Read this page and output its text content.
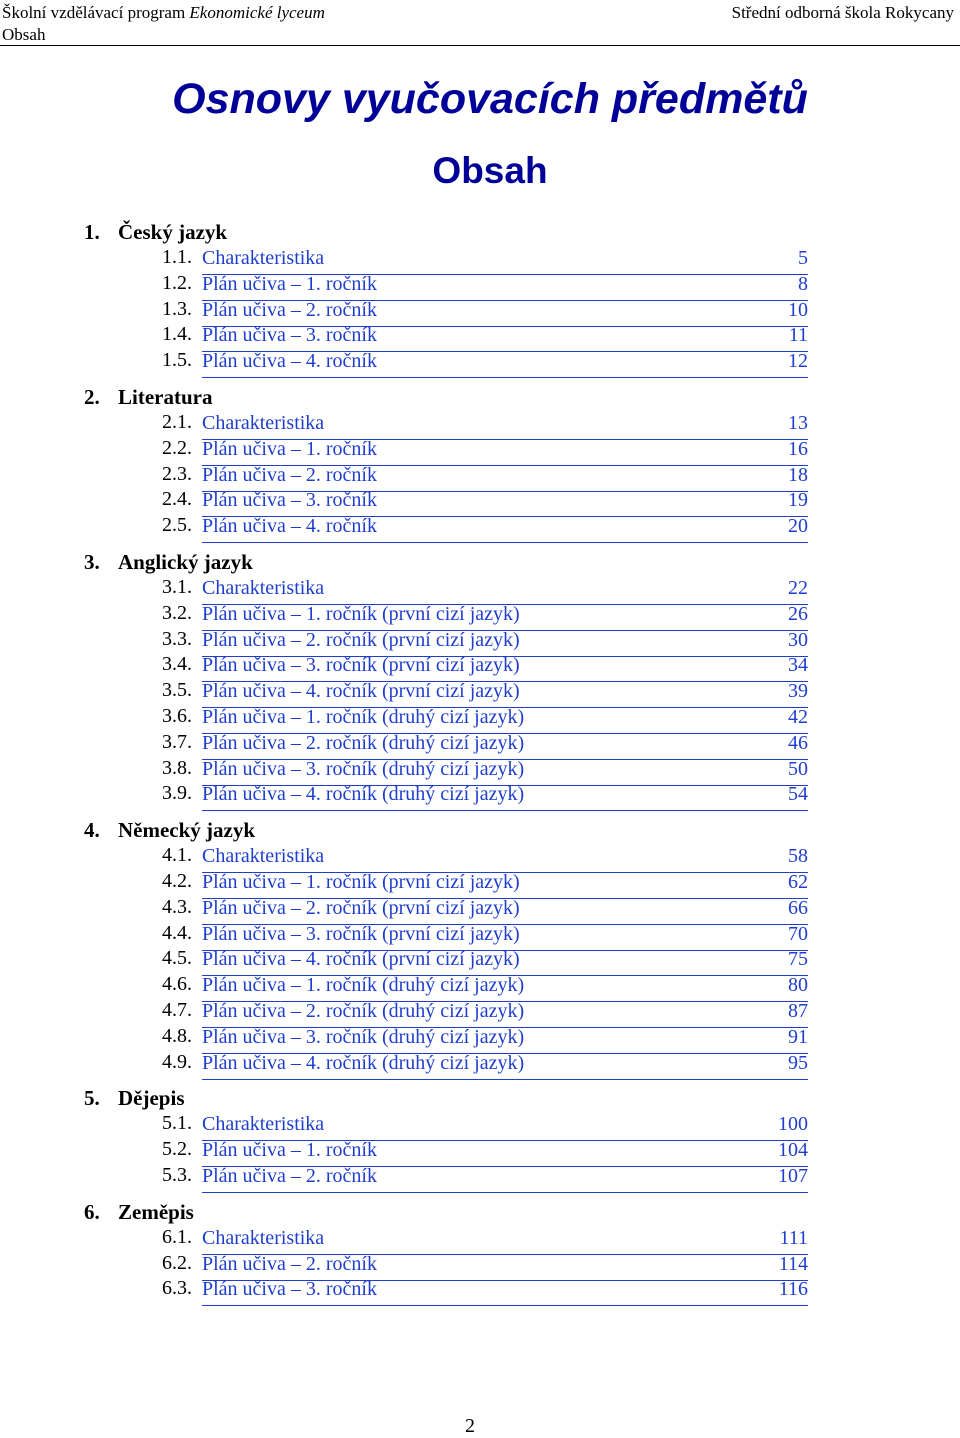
Školní vzdělávací program Ekonomické lyceum	Střední odborná škola Rokycany
Obsah
Osnovy vyučovacích předmětů
Obsah
1. Český jazyk
1.1. Charakteristika	5
1.2. Plán učiva – 1. ročník	8
1.3. Plán učiva – 2. ročník	10
1.4. Plán učiva – 3. ročník	11
1.5. Plán učiva – 4. ročník	12
2. Literatura
2.1. Charakteristika	13
2.2. Plán učiva – 1. ročník	16
2.3. Plán učiva – 2. ročník	18
2.4. Plán učiva – 3. ročník	19
2.5. Plán učiva – 4. ročník	20
3. Anglický jazyk
3.1. Charakteristika	22
3.2. Plán učiva – 1. ročník (první cizí jazyk)	26
3.3. Plán učiva – 2. ročník (první cizí jazyk)	30
3.4. Plán učiva – 3. ročník (první cizí jazyk)	34
3.5. Plán učiva – 4. ročník (první cizí jazyk)	39
3.6. Plán učiva – 1. ročník (druhý cizí jazyk)	42
3.7. Plán učiva – 2. ročník (druhý cizí jazyk)	46
3.8. Plán učiva – 3. ročník (druhý cizí jazyk)	50
3.9. Plán učiva – 4. ročník (druhý cizí jazyk)	54
4. Německý jazyk
4.1. Charakteristika	58
4.2. Plán učiva – 1. ročník (první cizí jazyk)	62
4.3. Plán učiva – 2. ročník (první cizí jazyk)	66
4.4. Plán učiva – 3. ročník (první cizí jazyk)	70
4.5. Plán učiva – 4. ročník (první cizí jazyk)	75
4.6. Plán učiva – 1. ročník (druhý cizí jazyk)	80
4.7. Plán učiva – 2. ročník (druhý cizí jazyk)	87
4.8. Plán učiva – 3. ročník (druhý cizí jazyk)	91
4.9. Plán učiva – 4. ročník (druhý cizí jazyk)	95
5. Dějepis
5.1. Charakteristika	100
5.2. Plán učiva – 1. ročník	104
5.3. Plán učiva – 2. ročník	107
6. Zeměpis
6.1. Charakteristika	111
6.2. Plán učiva – 2. ročník	114
6.3. Plán učiva – 3. ročník	116
2
